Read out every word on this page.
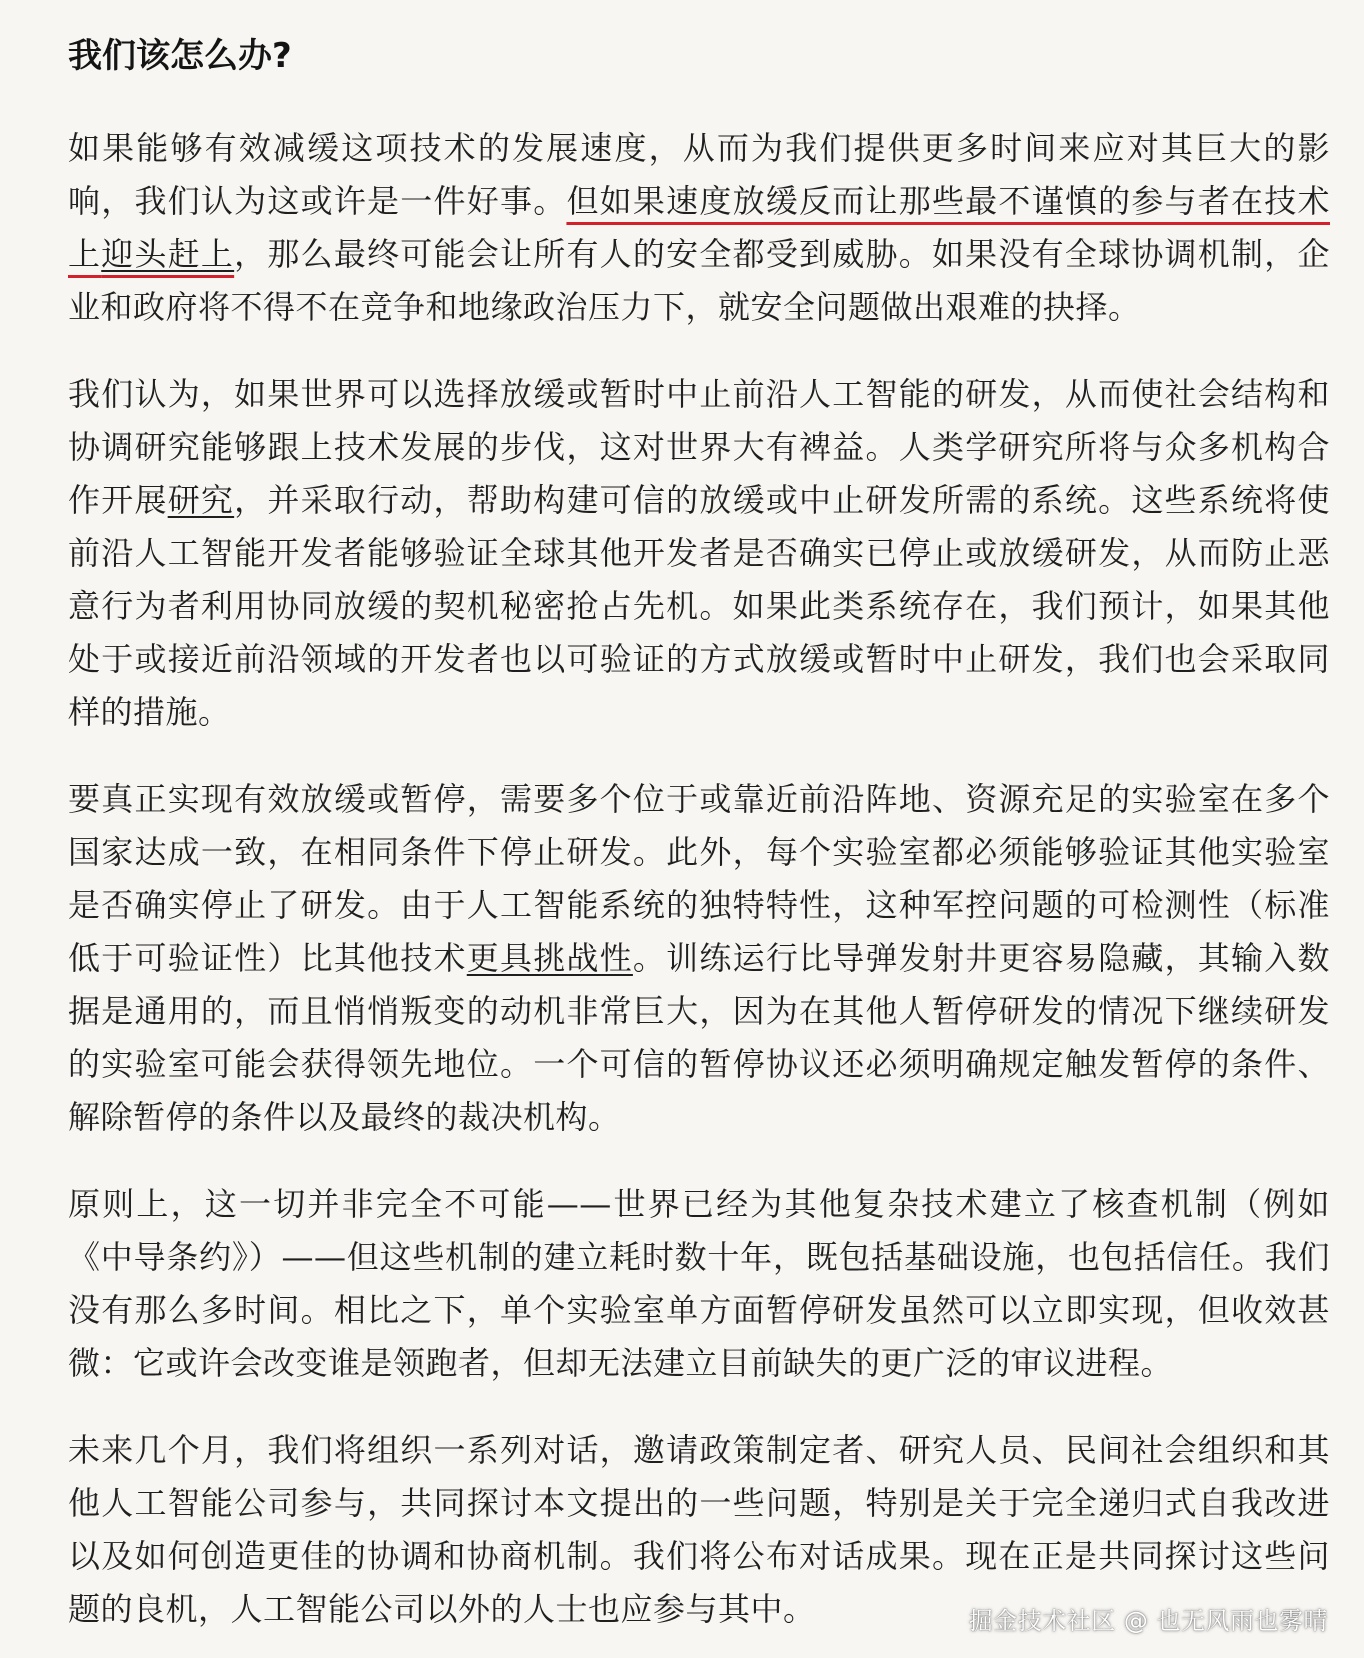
我们该怎么办?

如果能够有效减缓这项技术的发展速度，从而为我们提供更多时间来应对其巨大的影响，我们认为这或许是一件好事。但如果速度放缓反而让那些最不谨慎的参与者在技术上迎头赶上，那么最终可能会让所有人的安全都受到威胁。如果没有全球协调机制，企业和政府将不得不在竞争和地缘政治压力下，就安全问题做出艰难的抉择。

我们认为，如果世界可以选择放缓或暂时中止前沿人工智能的研发，从而使社会结构和协调研究能够跟上技术发展的步伐，这对世界大有裨益。人类学研究所将与众多机构合作开展研究，并采取行动，帮助构建可信的放缓或中止研发所需的系统。这些系统将使前沿人工智能开发者能够验证全球其他开发者是否确实已停止或放缓研发，从而防止恶意行为者利用协同放缓的契机秘密抢占先机。如果此类系统存在，我们预计，如果其他处于或接近前沿领域的开发者也以可验证的方式放缓或暂时中止研发，我们也会采取同样的措施。

要真正实现有效放缓或暂停，需要多个位于或靠近前沿阵地、资源充足的实验室在多个国家达成一致，在相同条件下停止研发。此外，每个实验室都必须能够验证其他实验室是否确实停止了研发。由于人工智能系统的独特特性，这种军控问题的可检测性（标准低于可验证性）比其他技术更具挑战性。训练运行比导弹发射井更容易隐藏，其输入数据是通用的，而且悄悄叛变的动机非常巨大，因为在其他人暂停研发的情况下继续研发的实验室可能会获得领先地位。一个可信的暂停协议还必须明确规定触发暂停的条件、解除暂停的条件以及最终的裁决机构。

原则上，这一切并非完全不可能——世界已经为其他复杂技术建立了核查机制（例如《中导条约》）——但这些机制的建立耗时数十年，既包括基础设施，也包括信任。我们没有那么多时间。相比之下，单个实验室单方面暂停研发虽然可以立即实现，但收效甚微：它或许会改变谁是领跑者，但却无法建立目前缺失的更广泛的审议进程。

未来几个月，我们将组织一系列对话，邀请政策制定者、研究人员、民间社会组织和其他人工智能公司参与，共同探讨本文提出的一些问题，特别是关于完全递归式自我改进以及如何创造更佳的协调和协商机制。我们将公布对话成果。现在正是共同探讨这些问题的良机，人工智能公司以外的人士也应参与其中。	掘金技术社区 @ 也无风雨也雾晴
